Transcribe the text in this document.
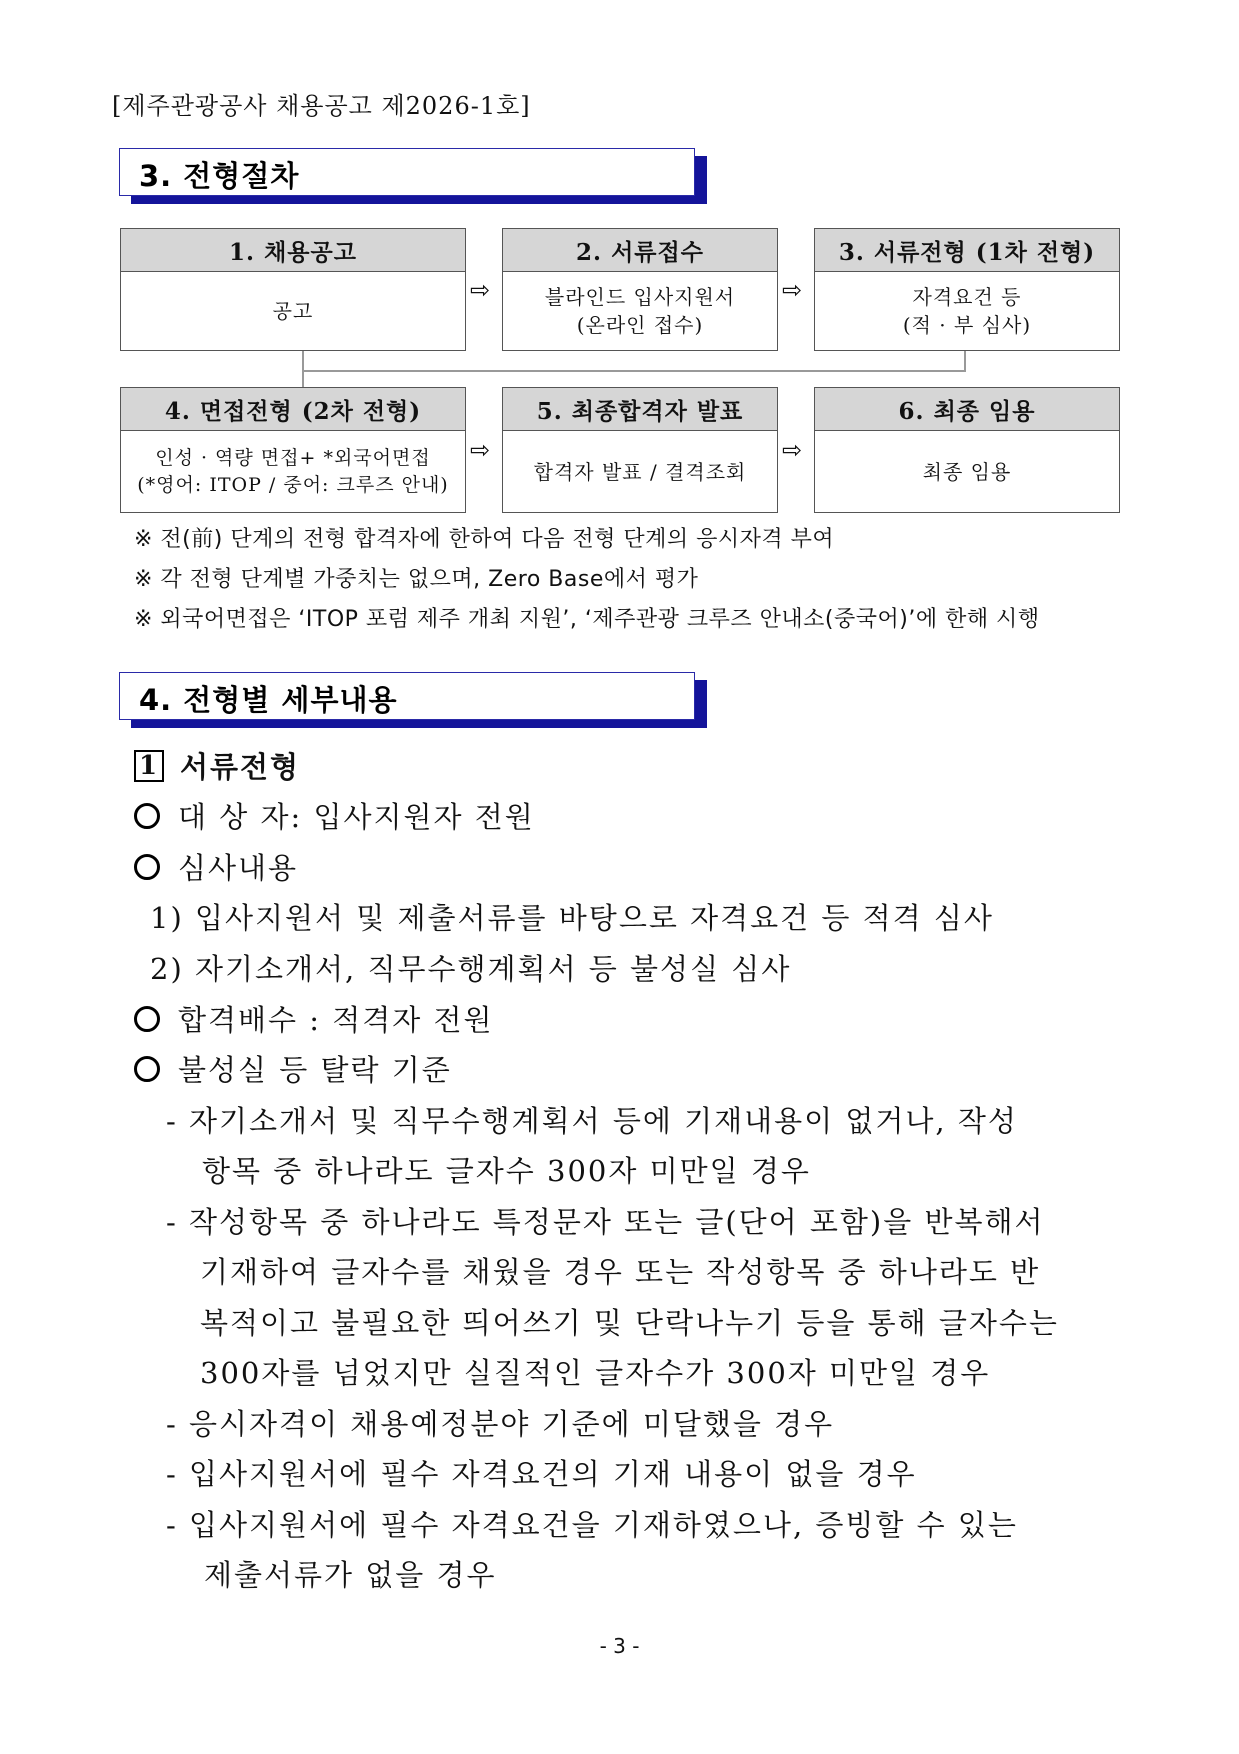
[제주관광공사 채용공고 제2026-1호]
3. 전형절차
1. 채용공고
공고
⇨
2. 서류접수
블라인드 입사지원서
(온라인 접수)
⇨
3. 서류전형 (1차 전형)
자격요건 등
(적 · 부 심사)
4. 면접전형 (2차 전형)
인성 · 역량 면접+ *외국어면접
(*영어: ITOP / 중어: 크루즈 안내)
⇨
5. 최종합격자 발표
합격자 발표 / 결격조회
⇨
6. 최종 임용
최종 임용
※ 전(前) 단계의 전형 합격자에 한하여 다음 전형 단계의 응시자격 부여
※ 각 전형 단계별 가중치는 없으며, Zero Base에서 평가
※ 외국어면접은 ‘ITOP 포럼 제주 개최 지원’, ‘제주관광 크루즈 안내소(중국어)’에 한해 시행
4. 전형별 세부내용
1 서류전형
대 상 자: 입사지원자 전원
심사내용
1) 입사지원서 및 제출서류를 바탕으로 자격요건 등 적격 심사
2) 자기소개서, 직무수행계획서 등 불성실 심사
합격배수 : 적격자 전원
불성실 등 탈락 기준
- 자기소개서 및 직무수행계획서 등에 기재내용이 없거나, 작성
항목 중 하나라도 글자수 300자 미만일 경우
- 작성항목 중 하나라도 특정문자 또는 글(단어 포함)을 반복해서
기재하여 글자수를 채웠을 경우 또는 작성항목 중 하나라도 반
복적이고 불필요한 띄어쓰기 및 단락나누기 등을 통해 글자수는
300자를 넘었지만 실질적인 글자수가 300자 미만일 경우
- 응시자격이 채용예정분야 기준에 미달했을 경우
- 입사지원서에 필수 자격요건의 기재 내용이 없을 경우
- 입사지원서에 필수 자격요건을 기재하였으나, 증빙할 수 있는
제출서류가 없을 경우
- 3 -
